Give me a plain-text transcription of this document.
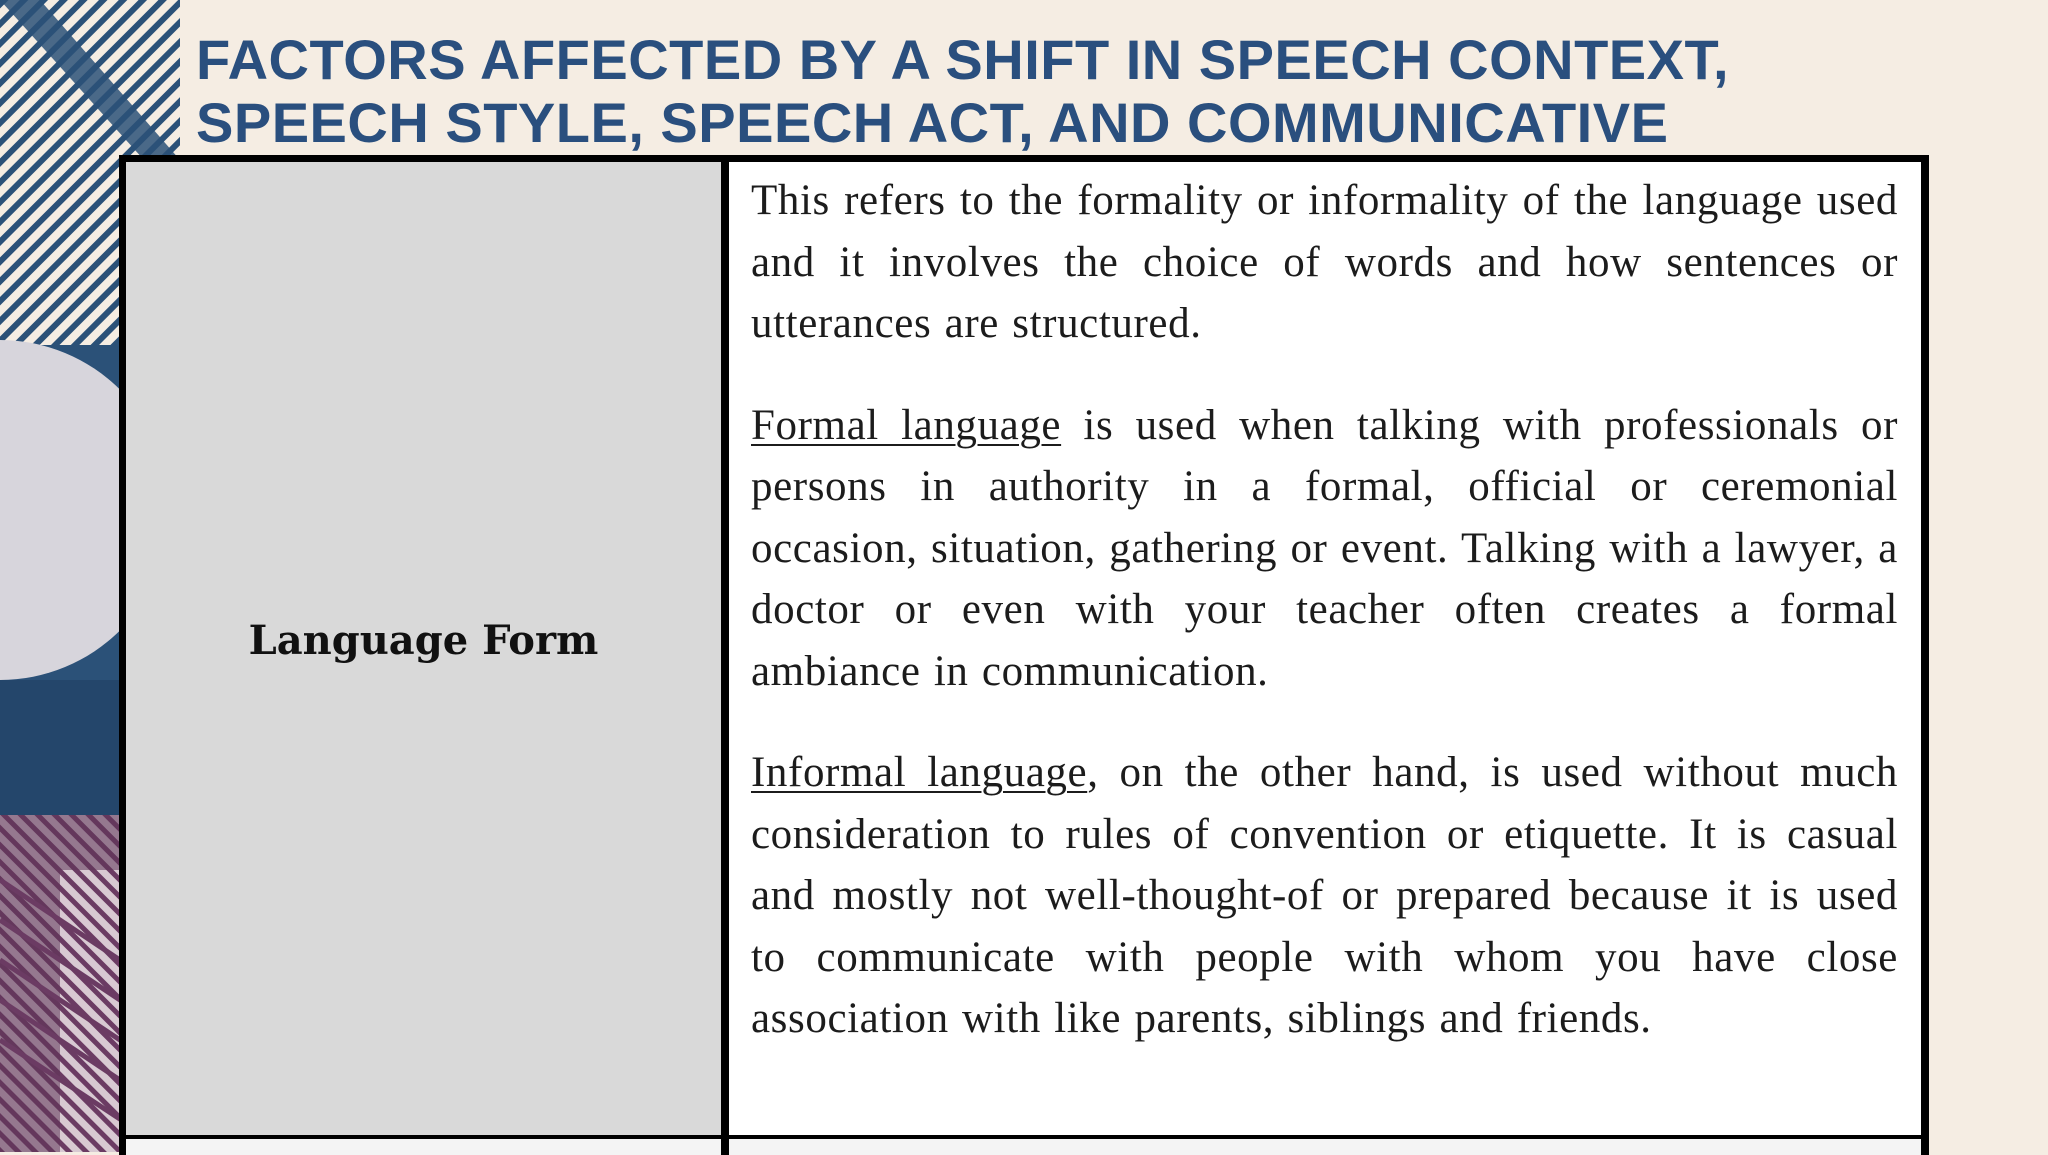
FACTORS AFFECTED BY A SHIFT IN SPEECH CONTEXT,
SPEECH STYLE, SPEECH ACT, AND COMMUNICATIVE
Language Form

This refers to the formality or informality of the language used and it involves the choice of words and how sentences or utterances are structured.

Formal language is used when talking with professionals or persons in authority in a formal, official or ceremonial occasion, situation, gathering or event. Talking with a lawyer, a doctor or even with your teacher often creates a formal ambiance in communication.

Informal language, on the other hand, is used without much consideration to rules of convention or etiquette. It is casual and mostly not well-thought-of or prepared because it is used to communicate with people with whom you have close association with like parents, siblings and friends.
